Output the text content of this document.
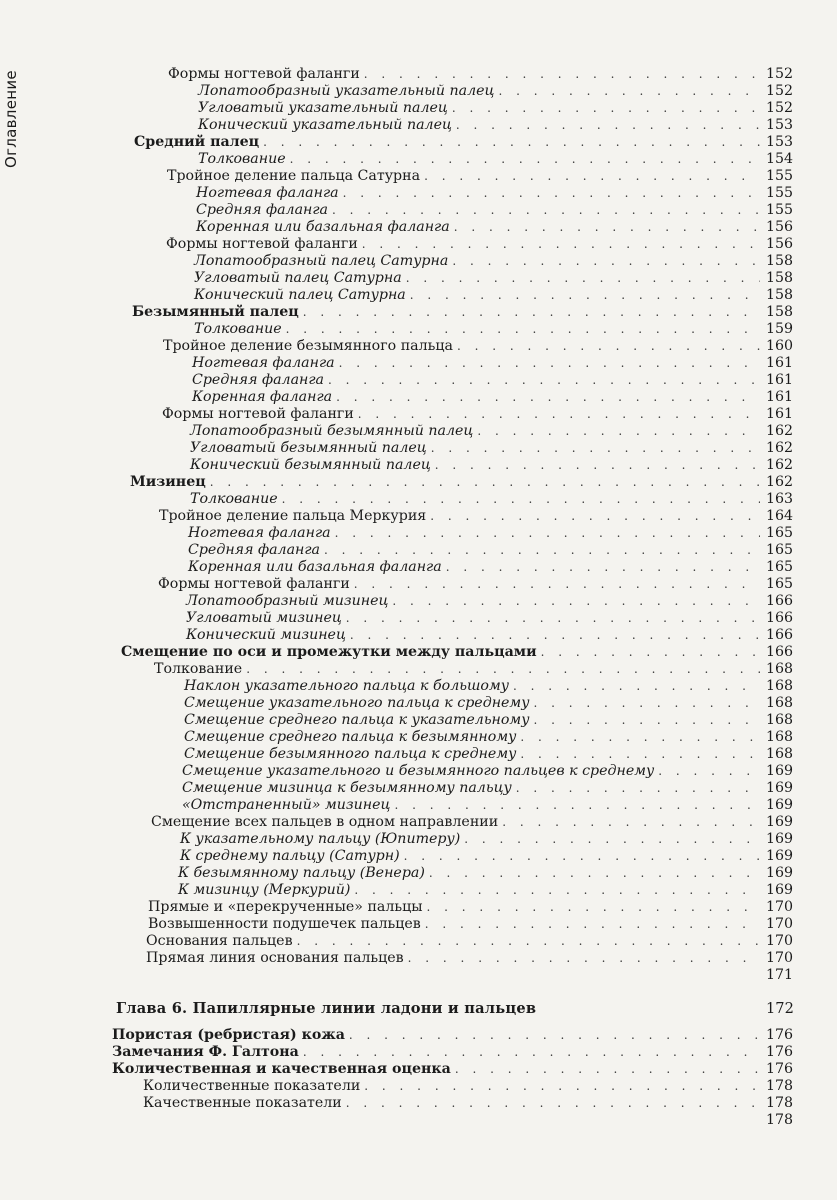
Оглавление	Формы ногтевой фаланги . . .	152
Лопатообразный указательный палец . . .	152
Угловатый указательный палец . . .	152
Конический указательный палец . . .	153
Средний палец . . .	153
Толкование . . .	154
Тройное деление пальца Сатурна . . .	155
Ногтевая фаланга . . .	155
Средняя фаланга . . .	155
Коренная или базальная фаланга . . .	156
Формы ногтевой фаланги . . .	156
Лопатообразный палец Сатурна . . .	158
Угловатый палец Сатурна . . .	158
Конический палец Сатурна . . .	158
Безымянный палец . . .	158
Толкование . . .	159
Тройное деление безымянного пальца . . .	160
Ногтевая фаланга . . .	161
Средняя фаланга . . .	161
Коренная фаланга . . .	161
Формы ногтевой фаланги . . .	161
Лопатообразный безымянный палец . . .	162
Угловатый безымянный палец . . .	162
Конический безымянный палец . . .	162
Мизинец . . .	162
Толкование . . .	163
Тройное деление пальца Меркурия . . .	164
Ногтевая фаланга . . .	165
Средняя фаланга . . .	165
Коренная или базальная фаланга . . .	165
Формы ногтевой фаланги . . .	165
Лопатообразный мизинец . . .	166
Угловатый мизинец . . .	166
Конический мизинец . . .	166
Смещение по оси и промежутки между пальцами . . .	166
Толкование . . .	168
Наклон указательного пальца к большому . . .	168
Смещение указательного пальца к среднему . . .	168
Смещение среднего пальца к указательному . . .	168
Смещение среднего пальца к безымянному . . .	168
Смещение безымянного пальца к среднему . . .	168
Смещение указательного и безымянного пальцев к среднему . . .	169
Смещение мизинца к безымянному пальцу . . .	169
«Отстраненный» мизинец . . .	169
Смещение всех пальцев в одном направлении . . .	169
К указательному пальцу (Юпитеру) . . .	169
К среднему пальцу (Сатурн) . . .	169
К безымянному пальцу (Венера) . . .	169
К мизинцу (Меркурий) . . .	169
Прямые и «перекрученные» пальцы . . .	170
Возвышенности подушечек пальцев . . .	170
Основания пальцев . . .	170
Прямая линия основания пальцев . . .	170
171
Глава 6. Папиллярные линии ладони и пальцев	172
Пористая (ребристая) кожа . . .	176
Замечания Ф. Галтона . . .	176
Количественная и качественная оценка . . .	176
Количественные показатели . . .	178
Качественные показатели . . .	178
178
